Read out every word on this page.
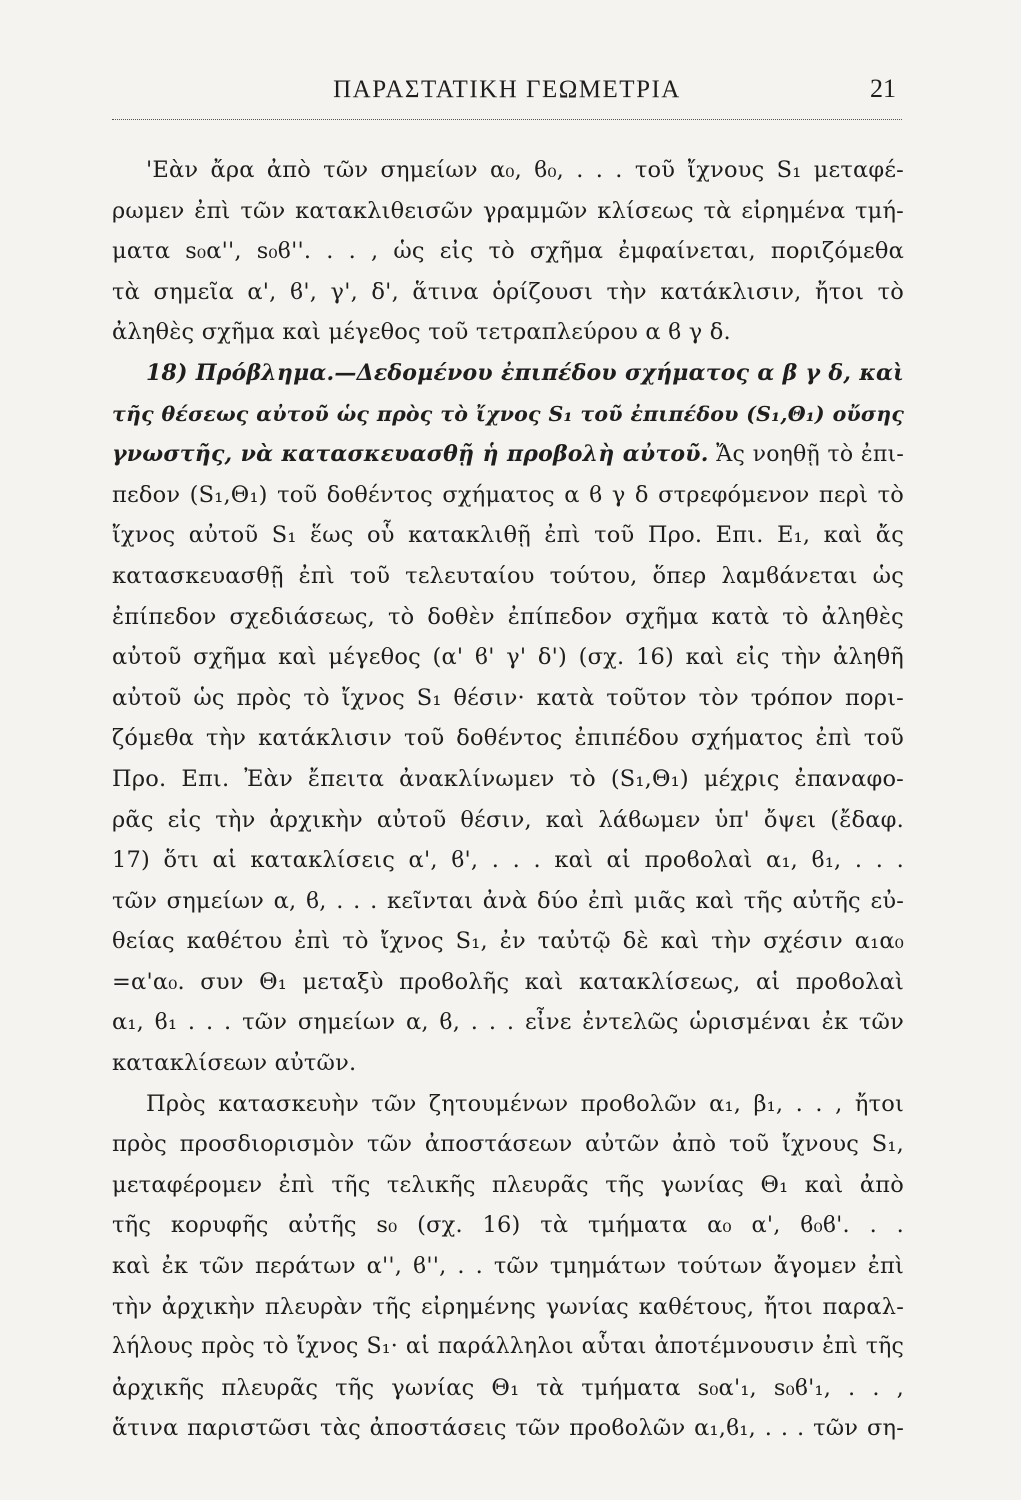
ΠΑΡΑΣΤΑΤΙΚΗ ΓΕΩΜΕΤΡΙΑ	21
'Εὰν ἄρα ἀπὸ τῶν σημείων α₀, ϐ₀, . . . τοῦ ἴχνους S₁ μεταφέ-
ρωμεν ἐπὶ τῶν κατακλιθεισῶν γραμμῶν κλίσεως τὰ εἰρημένα τμή-
ματα s₀α'', s₀ϐ''. . . , ὡς εἰς τὸ σχῆμα ἐμφαίνεται, ποριζόμεθα
τὰ σημεῖα α', ϐ', γ', δ', ἅτινα ὁρίζουσι τὴν κατάκλισιν, ἤτοι τὸ
ἀληθὲς σχῆμα καὶ μέγεθος τοῦ τετραπλεύρου α ϐ γ δ.
18) Πρόβλημα.—Δεδομένου ἐπιπέδου σχήματος α β γ δ, καὶ
τῆς θέσεως αὐτοῦ ὡς πρὸς τὸ ἴχνος S₁ τοῦ ἐπιπέδου (S₁,Θ₁) οὔσης
γνωστῆς, νὰ κατασκευασθῇ ἡ προβολὴ αὐτοῦ. Ἄς νοηθῇ τὸ ἐπι-
πεδον (S₁,Θ₁) τοῦ δοθέντος σχήματος α ϐ γ δ στρεφόμενον περὶ τὸ
ἴχνος αὐτοῦ S₁ ἕως οὗ κατακλιθῇ ἐπὶ τοῦ Προ. Επι. Ε₁, καὶ ἄς
κατασκευασθῇ ἐπὶ τοῦ τελευταίου τούτου, ὅπερ λαμϐάνεται ὡς
ἐπίπεδον σχεδιάσεως, τὸ δοθὲν ἐπίπεδον σχῆμα κατὰ τὸ ἀληθὲς
αὐτοῦ σχῆμα καὶ μέγεθος (α' ϐ' γ' δ') (σχ. 16) καὶ εἰς τὴν ἀληθῆ
αὐτοῦ ὡς πρὸς τὸ ἴχνος S₁ θέσιν· κατὰ τοῦτον τὸν τρόπον πορι-
ζόμεθα τὴν κατάκλισιν τοῦ δοθέντος ἐπιπέδου σχήματος ἐπὶ τοῦ
Προ. Επι. Ἐὰν ἔπειτα ἀνακλίνωμεν τὸ (S₁,Θ₁) μέχρις ἐπαναφο-
ρᾶς εἰς τὴν ἀρχικὴν αὐτοῦ θέσιν, καὶ λάϐωμεν ὑπ' ὄψει (ἔδαφ.
17) ὅτι αἱ κατακλίσεις α', ϐ', . . . καὶ αἱ προϐολαὶ α₁, ϐ₁, . . .
τῶν σημείων α, ϐ, . . . κεῖνται ἀνὰ δύο ἐπὶ μιᾶς καὶ τῆς αὐτῆς εὐ-
θείας καθέτου ἐπὶ τὸ ἴχνος S₁, ἐν ταὐτῷ δὲ καὶ τὴν σχέσιν α₁α₀
=α'α₀. συν Θ₁ μεταξὺ προϐολῆς καὶ κατακλίσεως, αἱ προϐολαὶ
α₁, ϐ₁ . . . τῶν σημείων α, ϐ, . . . εἶνε ἐντελῶς ὡρισμέναι ἐκ τῶν
κατακλίσεων αὐτῶν.
Πρὸς κατασκευὴν τῶν ζητουμένων προϐολῶν α₁, β₁, . . , ἤτοι
πρὸς προσδιορισμὸν τῶν ἀποστάσεων αὐτῶν ἀπὸ τοῦ ἴχνους S₁,
μεταφέρομεν ἐπὶ τῆς τελικῆς πλευρᾶς τῆς γωνίας Θ₁ καὶ ἀπὸ
τῆς κορυφῆς αὐτῆς s₀ (σχ. 16) τὰ τμήματα α₀ α', ϐ₀ϐ'. . .
καὶ ἐκ τῶν περάτων α'', ϐ'', . . τῶν τμημάτων τούτων ἄγομεν ἐπὶ
τὴν ἀρχικὴν πλευρὰν τῆς εἰρημένης γωνίας καθέτους, ἤτοι παραλ-
λήλους πρὸς τὸ ἴχνος S₁· αἱ παράλληλοι αὗται ἀποτέμνουσιν ἐπὶ τῆς
ἀρχικῆς πλευρᾶς τῆς γωνίας Θ₁ τὰ τμήματα s₀α'₁, s₀ϐ'₁, . . ,
ἅτινα παριστῶσι τὰς ἀποστάσεις τῶν προϐολῶν α₁,ϐ₁, . . . τῶν ση-
